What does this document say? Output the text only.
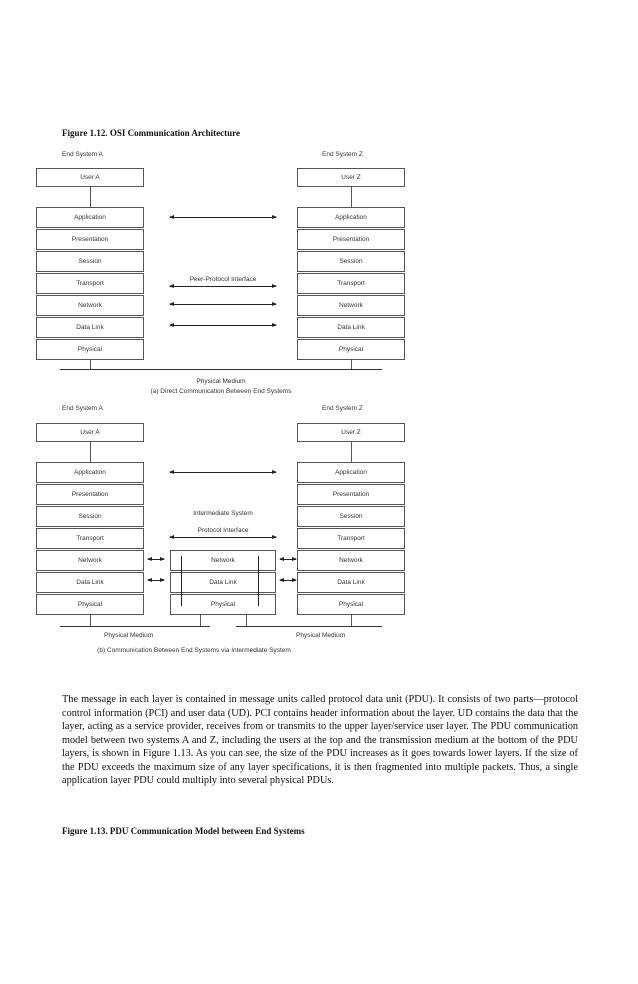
Figure 1.12. OSI Communication Architecture
End System A	End System Z
User A	User Z
Application
Presentation
Session
Transport
Network
Data Link
Physical
Application
Presentation
Session
Transport
Network
Data Link
Physical
Peer-Protocol Interface
Physical Medium
(a) Direct Communication Between End Systems
End System A	End System Z
User A	User Z
Application
Presentation
Session
Transport
Network
Data Link
Physical
Application
Presentation
Session
Transport
Network
Data Link
Physical
Intermediate System
Protocol Interface
Network
Data Link
Physical
Physical Medium	Physical Medium
(b) Communication Between End Systems via Intermediate System
The message in each layer is contained in message units called protocol data unit (PDU). It consists of two parts—protocol control information (PCI) and user data (UD). PCI contains header information about the layer. UD contains the data that the layer, acting as a service provider, receives from or transmits to the upper layer/service user layer. The PDU communication model between two systems A and Z, including the users at the top and the transmission medium at the bottom of the PDU layers, is shown in Figure 1.13. As you can see, the size of the PDU increases as it goes towards lower layers. If the size of the PDU exceeds the maximum size of any layer specifications, it is then fragmented into multiple packets. Thus, a single application layer PDU could multiply into several physical PDUs.
Figure 1.13. PDU Communication Model between End Systems
